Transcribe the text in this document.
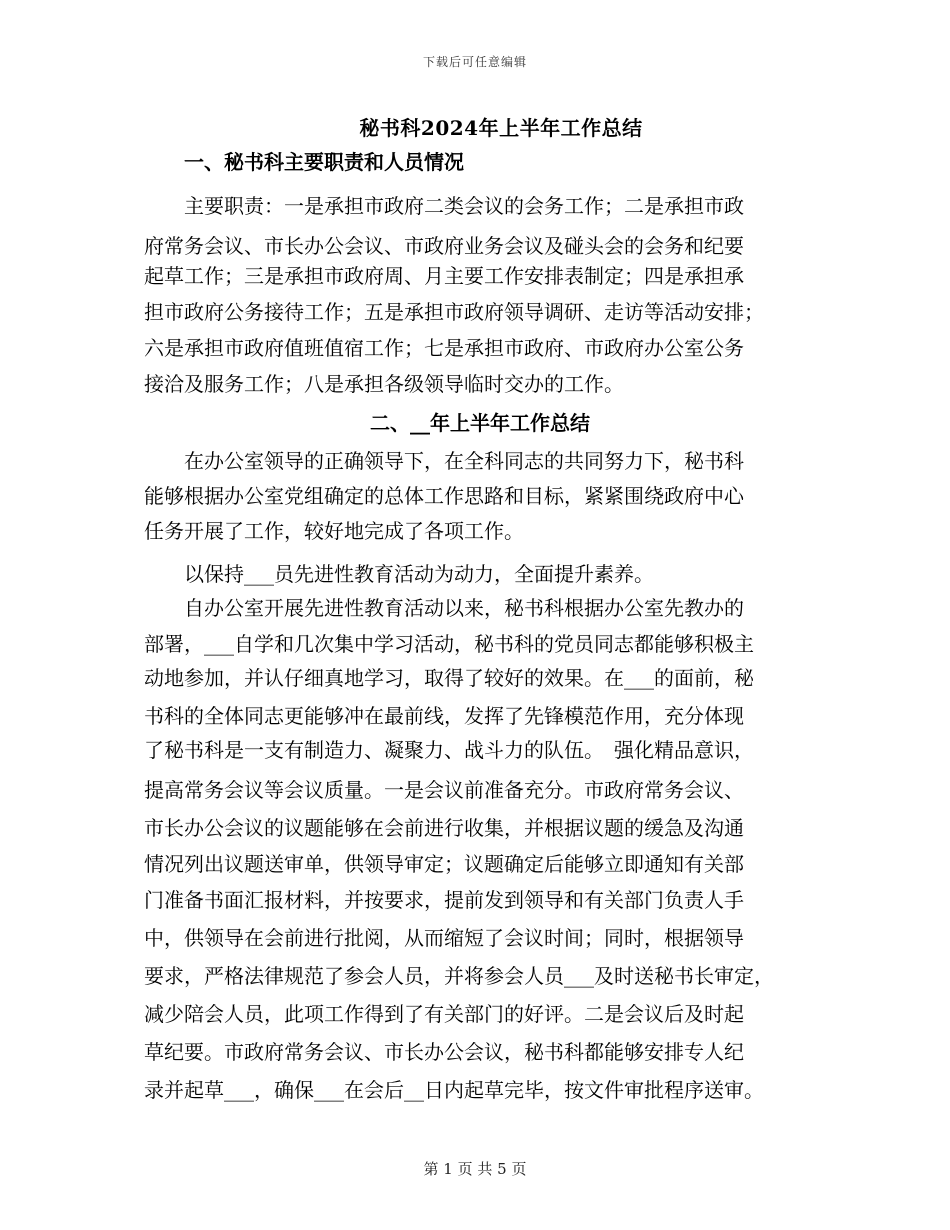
下载后可任意编辑
秘书科2024年上半年工作总结
一、秘书科主要职责和人员情况
　　主要职责：一是承担市政府二类会议的会务工作；二是承担市政
府常务会议、市长办公会议、市政府业务会议及碰头会的会务和纪要
起草工作；三是承担市政府周、月主要工作安排表制定；四是承担承
担市政府公务接待工作；五是承担市政府领导调研、走访等活动安排；
六是承担市政府值班值宿工作；七是承担市政府、市政府办公室公务
接洽及服务工作；八是承担各级领导临时交办的工作。
二、__年上半年工作总结
　　在办公室领导的正确领导下，在全科同志的共同努力下，秘书科
能够根据办公室党组确定的总体工作思路和目标，紧紧围绕政府中心
任务开展了工作，较好地完成了各项工作。
　　以保持___员先进性教育活动为动力，全面提升素养。
　　自办公室开展先进性教育活动以来，秘书科根据办公室先教办的
部署，___自学和几次集中学习活动，秘书科的党员同志都能够积极主
动地参加，并认仔细真地学习，取得了较好的效果。在___的面前，秘
书科的全体同志更能够冲在最前线，发挥了先锋模范作用，充分体现
了秘书科是一支有制造力、凝聚力、战斗力的队伍。　强化精品意识，
提高常务会议等会议质量。一是会议前准备充分。市政府常务会议、
市长办公会议的议题能够在会前进行收集，并根据议题的缓急及沟通
情况列出议题送审单，供领导审定；议题确定后能够立即通知有关部
门准备书面汇报材料，并按要求，提前发到领导和有关部门负责人手
中，供领导在会前进行批阅，从而缩短了会议时间；同时，根据领导
要求，严格法律规范了参会人员，并将参会人员___及时送秘书长审定，
减少陪会人员，此项工作得到了有关部门的好评。二是会议后及时起
草纪要。市政府常务会议、市长办公会议，秘书科都能够安排专人纪
录并起草___，确保___在会后__日内起草完毕，按文件审批程序送审。
第 1 页 共 5 页
